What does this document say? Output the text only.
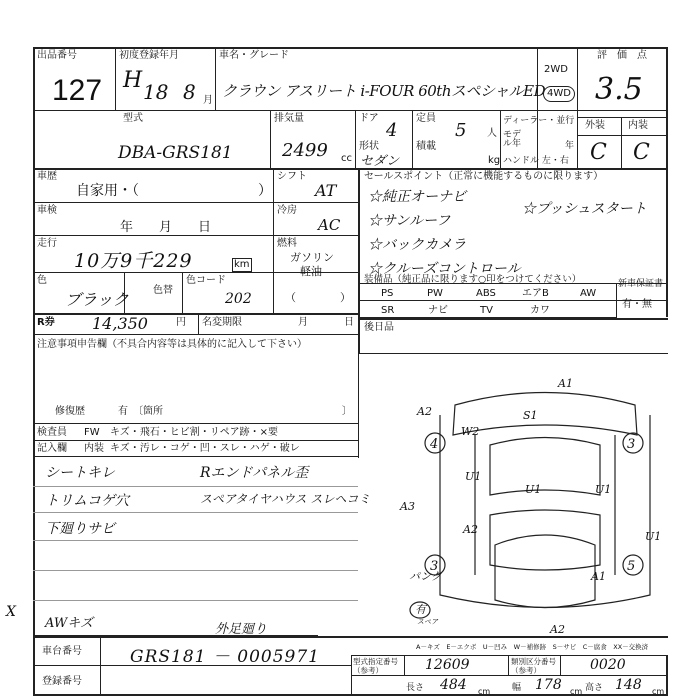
出品番号
127
初度登録年月
H 18 8 月
車名・グレード
クラウン アスリート i-FOUR 60thスペシャルED
2WD
4WD
評　価　点
3.5
型式
DBA-GRS181
排気量
2499 cc
ドア
4
定員
5 人
形状
セダン
積載
kg
ディーラー・並行
モデル年	年
ハンドル 左・右
外装 内装
C C
車歴
自家用・（	）
シフト
AT
車検
年　　月　　日
冷房
AC
走行
10万9千229	km
燃料
ガソリン
軽油
（　　　　）
色
ブラック 色替
色コード
202
R券 14,350	円 名変期限	月	日
注意事項申告欄（不具合内容等は具体的に記入して下さい）
修復歴	有　〔箇所	〕
検査員 FW キズ・飛石・ヒビ割・リペア跡・×要
記入欄 内装 キズ・汚レ・コゲ・凹・スレ・ハゲ・破レ
シートキレ
トリムコゲ穴
下廻りサビ
Rエンドパネル歪
スペアタイヤハウス スレヘコミ
AWキズ	外足廻り
X
セールスポイント（正常に機能するものに限ります）
☆純正オーナビ
☆サンルーフ
☆バックカメラ
☆クルーズコントロール
☆プッシュスタート
装備品（純正品に限ります○印をつけてください）
PS	PW	ABS	エアB	AW
SR	ナビ	TV	カワ
新車保証書
有・無
後日品
A1
A2	S1
W2
4	3
U1
U1	U1
A3
A2
U1
パンク
3
A1
5
A2
有
スペア
A－キズ　E－エクボ　U－凹み　W－補修跡　S－サビ　C－腐食　XX－交換済
車台番号	GRS181 － 0005971
登録番号
型式指定番号（参考）	12609	類別区分番号（参考）	0020
長さ 484 cm 幅 178 cm 高さ 148 cm
